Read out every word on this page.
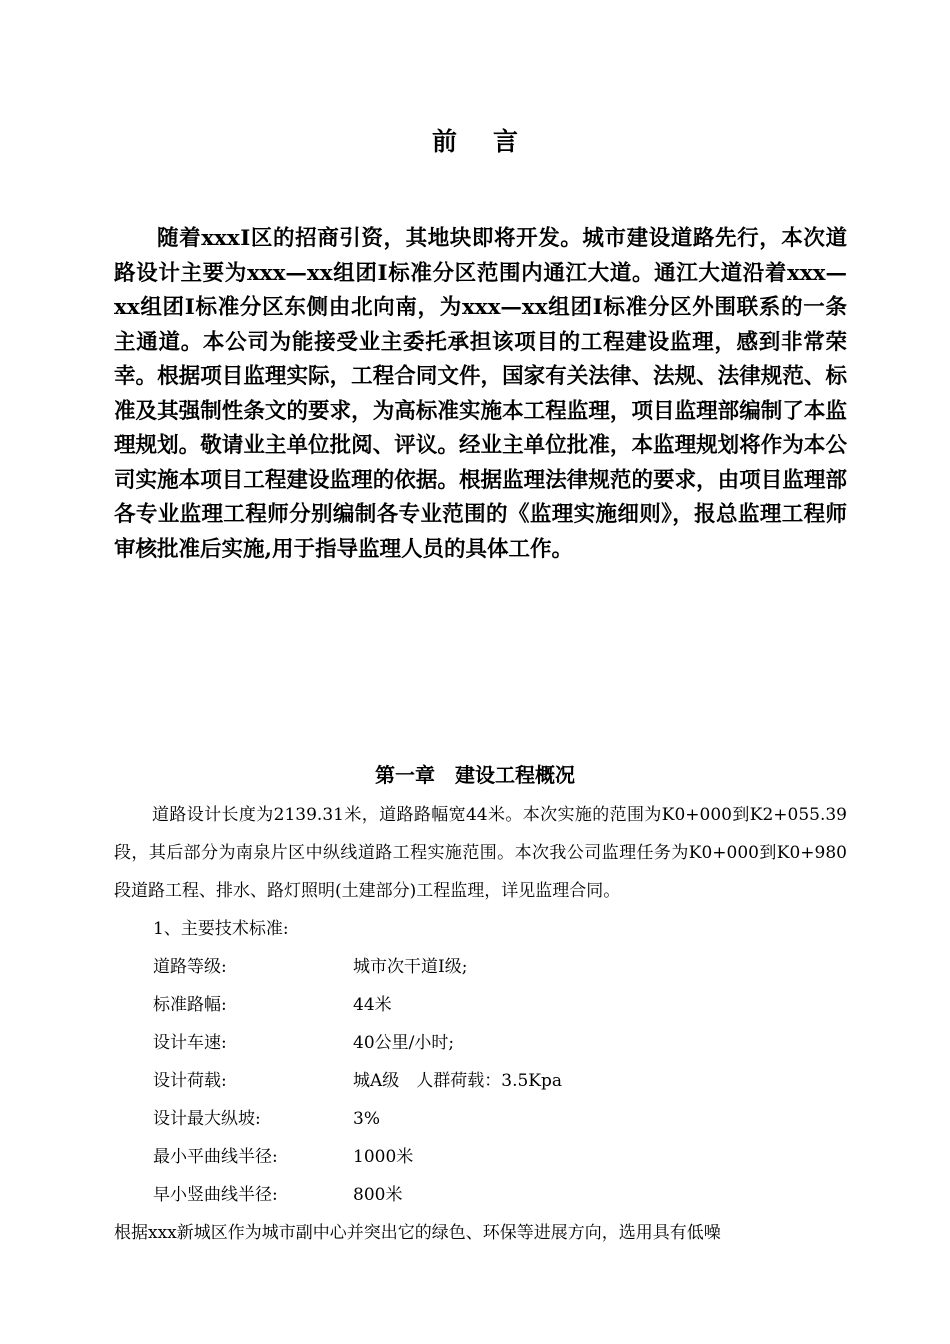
前言

随着xxxⅠ区的招商引资，其地块即将开发。城市建设道路先行，本次道路设计主要为xxx—xx组团Ⅰ标准分区范围内通江大道。通江大道沿着xxx—xx组团Ⅰ标准分区东侧由北向南，为xxx—xx组团Ⅰ标准分区外围联系的一条主通道。本公司为能接受业主委托承担该项目的工程建设监理，感到非常荣幸。根据项目监理实际，工程合同文件，国家有关法律、法规、法律规范、标准及其强制性条文的要求，为高标准实施本工程监理，项目监理部编制了本监理规划。敬请业主单位批阅、评议。经业主单位批准，本监理规划将作为本公司实施本项目工程建设监理的依据。根据监理法律规范的要求，由项目监理部各专业监理工程师分别编制各专业范围的《监理实施细则》，报总监理工程师审核批准后实施,用于指导监理人员的具体工作。

第一章　建设工程概况

道路设计长度为2139.31米，道路路幅宽44米。本次实施的范围为K0+000到K2+055.39段，其后部分为南泉片区中纵线道路工程实施范围。本次我公司监理任务为K0+000到K0+980段道路工程、排水、路灯照明(土建部分)工程监理，详见监理合同。

1、主要技术标准:
道路等级:	城市次干道Ⅰ级;
标准路幅:	44米
设计车速:	40公里/小时;
设计荷载:	城A级　人群荷载：3.5Kpa
设计最大纵坡:	3%
最小平曲线半径:	1000米
早小竖曲线半径:	800米

根据xxx新城区作为城市副中心并突出它的绿色、环保等进展方向，选用具有低噪
